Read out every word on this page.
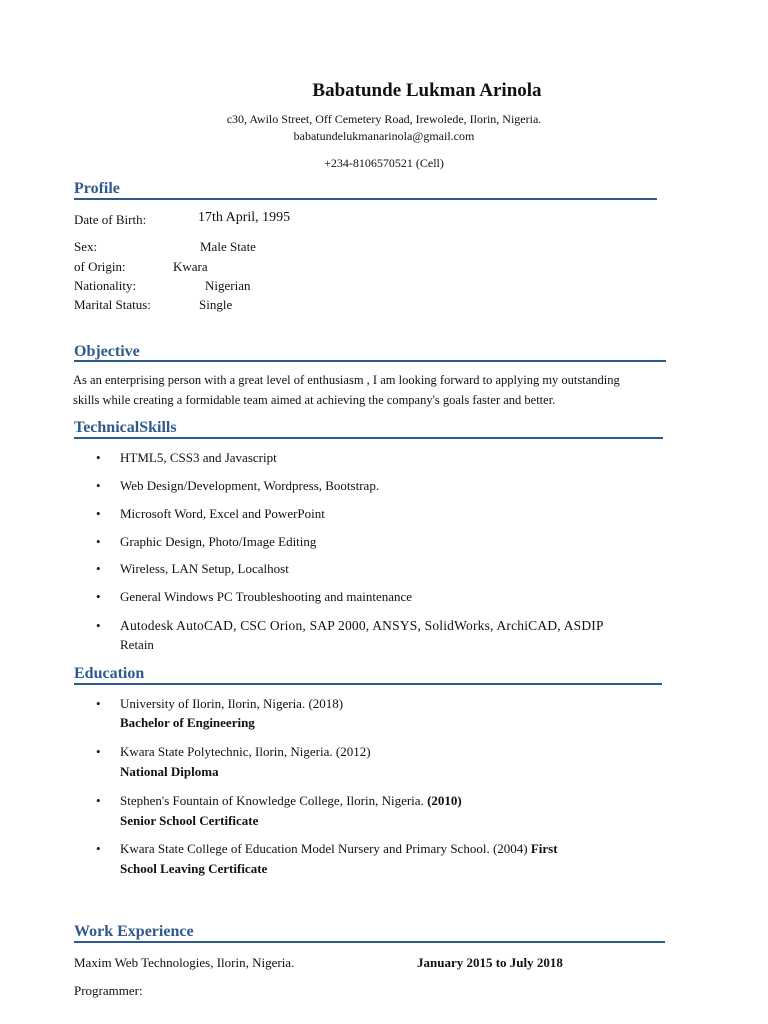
Babatunde Lukman Arinola
c30, Awilo Street, Off Cemetery Road, Irewolede, Ilorin, Nigeria.
babatundelukmanarinola@gmail.com
+234-8106570521 (Cell)
Profile
Date of Birth:	17th April, 1995
Sex:	Male State
of Origin:	Kwara
Nationality:	Nigerian
Marital Status:	Single
Objective
As an enterprising person with a great level of enthusiasm , I am looking forward to applying my outstanding
skills while creating a formidable team aimed at achieving the company's goals faster and better.
TechnicalSkills
• HTML5, CSS3 and Javascript
• Web Design/Development, Wordpress, Bootstrap.
• Microsoft Word, Excel and PowerPoint
• Graphic Design, Photo/Image Editing
• Wireless, LAN Setup, Localhost
• General Windows PC Troubleshooting and maintenance
• Autodesk AutoCAD, CSC Orion, SAP 2000, ANSYS, SolidWorks, ArchiCAD, ASDIP
Retain
Education
• University of Ilorin, Ilorin, Nigeria. (2018)
Bachelor of Engineering
• Kwara State Polytechnic, Ilorin, Nigeria. (2012)
National Diploma
• Stephen's Fountain of Knowledge College, Ilorin, Nigeria. (2010)
Senior School Certificate
• Kwara State College of Education Model Nursery and Primary School. (2004) First
School Leaving Certificate
Work Experience
Maxim Web Technologies, Ilorin, Nigeria.	January 2015 to July 2018
Programmer:
